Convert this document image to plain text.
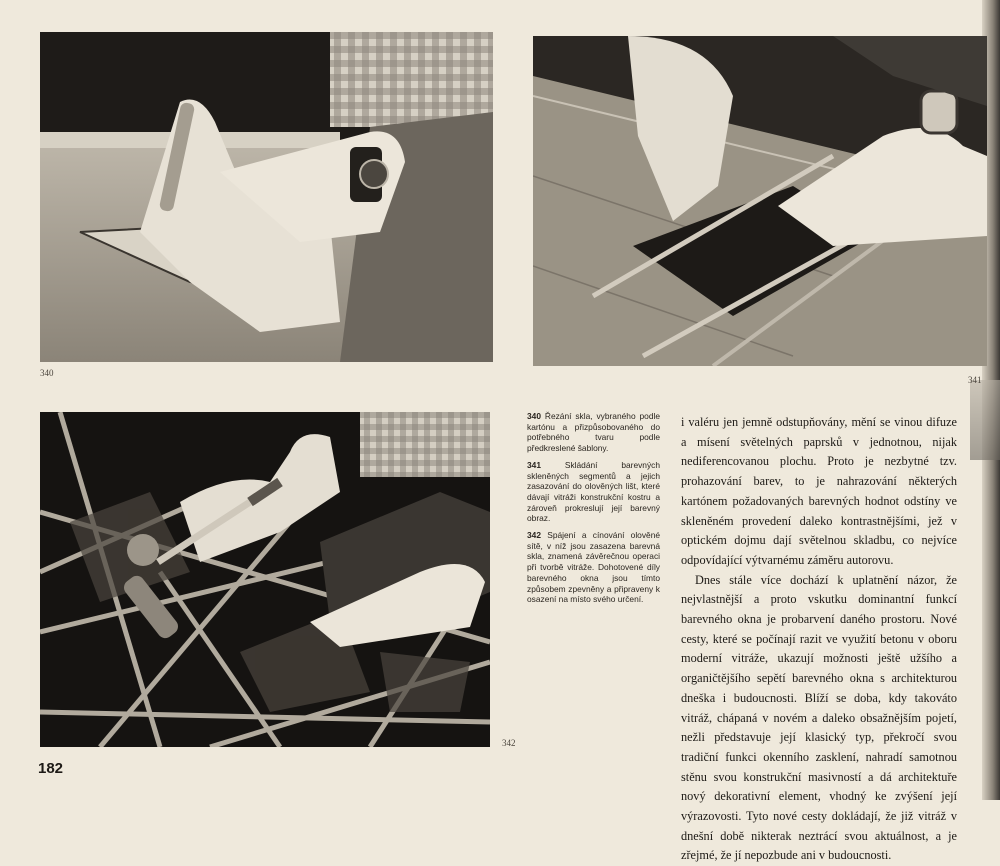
340
341
342

340 Řezání skla, vybraného podle kartónu a přizpůsobovaného do potřebného tvaru podle předkreslené šablony.

341	Skládání barevných skleněných segmentů a jejich zasazování do olověných lišt, které dávají vitráži konstrukční kostru a zároveň prokreslují její barevný obraz.

342 Spájení a cínování olověné sítě, v níž jsou zasazena barevná skla, znamená závěrečnou operaci při tvorbě vitráže. Dohotovené díly barevného okna jsou tímto způsobem zpevněny a připraveny k osazení na místo svého určení.

i valéru jen jemně odstupňovány, mění se vinou difuze a mísení světelných paprsků v jednotnou, nijak nediferencovanou plochu. Proto je nezbytné tzv. prohazování barev, to je nahrazování některých kartónem požadovaných barevných hodnot odstíny ve skleněném provedení daleko kontrastnějšími, jež v optickém dojmu dají světelnou skladbu, co nejvíce odpovídající výtvarnému záměru autorovu.

Dnes stále více dochází k uplatnění názor, že nejvlastnější a proto vskutku dominantní funkcí barevného okna je probarvení daného prostoru. Nové cesty, které se počínají razit ve využití betonu v oboru moderní vitráže, ukazují možnosti ještě užšího a organičtějšího sepětí barevného okna s architekturou dneška i budoucnosti. Blíží se doba, kdy takováto vitráž, chápaná v novém a daleko obsažnějším pojetí, nežli představuje její klasický typ, překročí svou tradiční funkci okenního zasklení, nahradí samotnou stěnu svou konstrukční masivností a dá architektuře nový dekorativní element, vhodný ke zvýšení její výrazovosti. Tyto nové cesty dokládají, že již vitráž v dnešní době nikterak neztrácí svou aktuálnost, a je zřejmé, že jí nepozbude ani v budoucnosti.

182
